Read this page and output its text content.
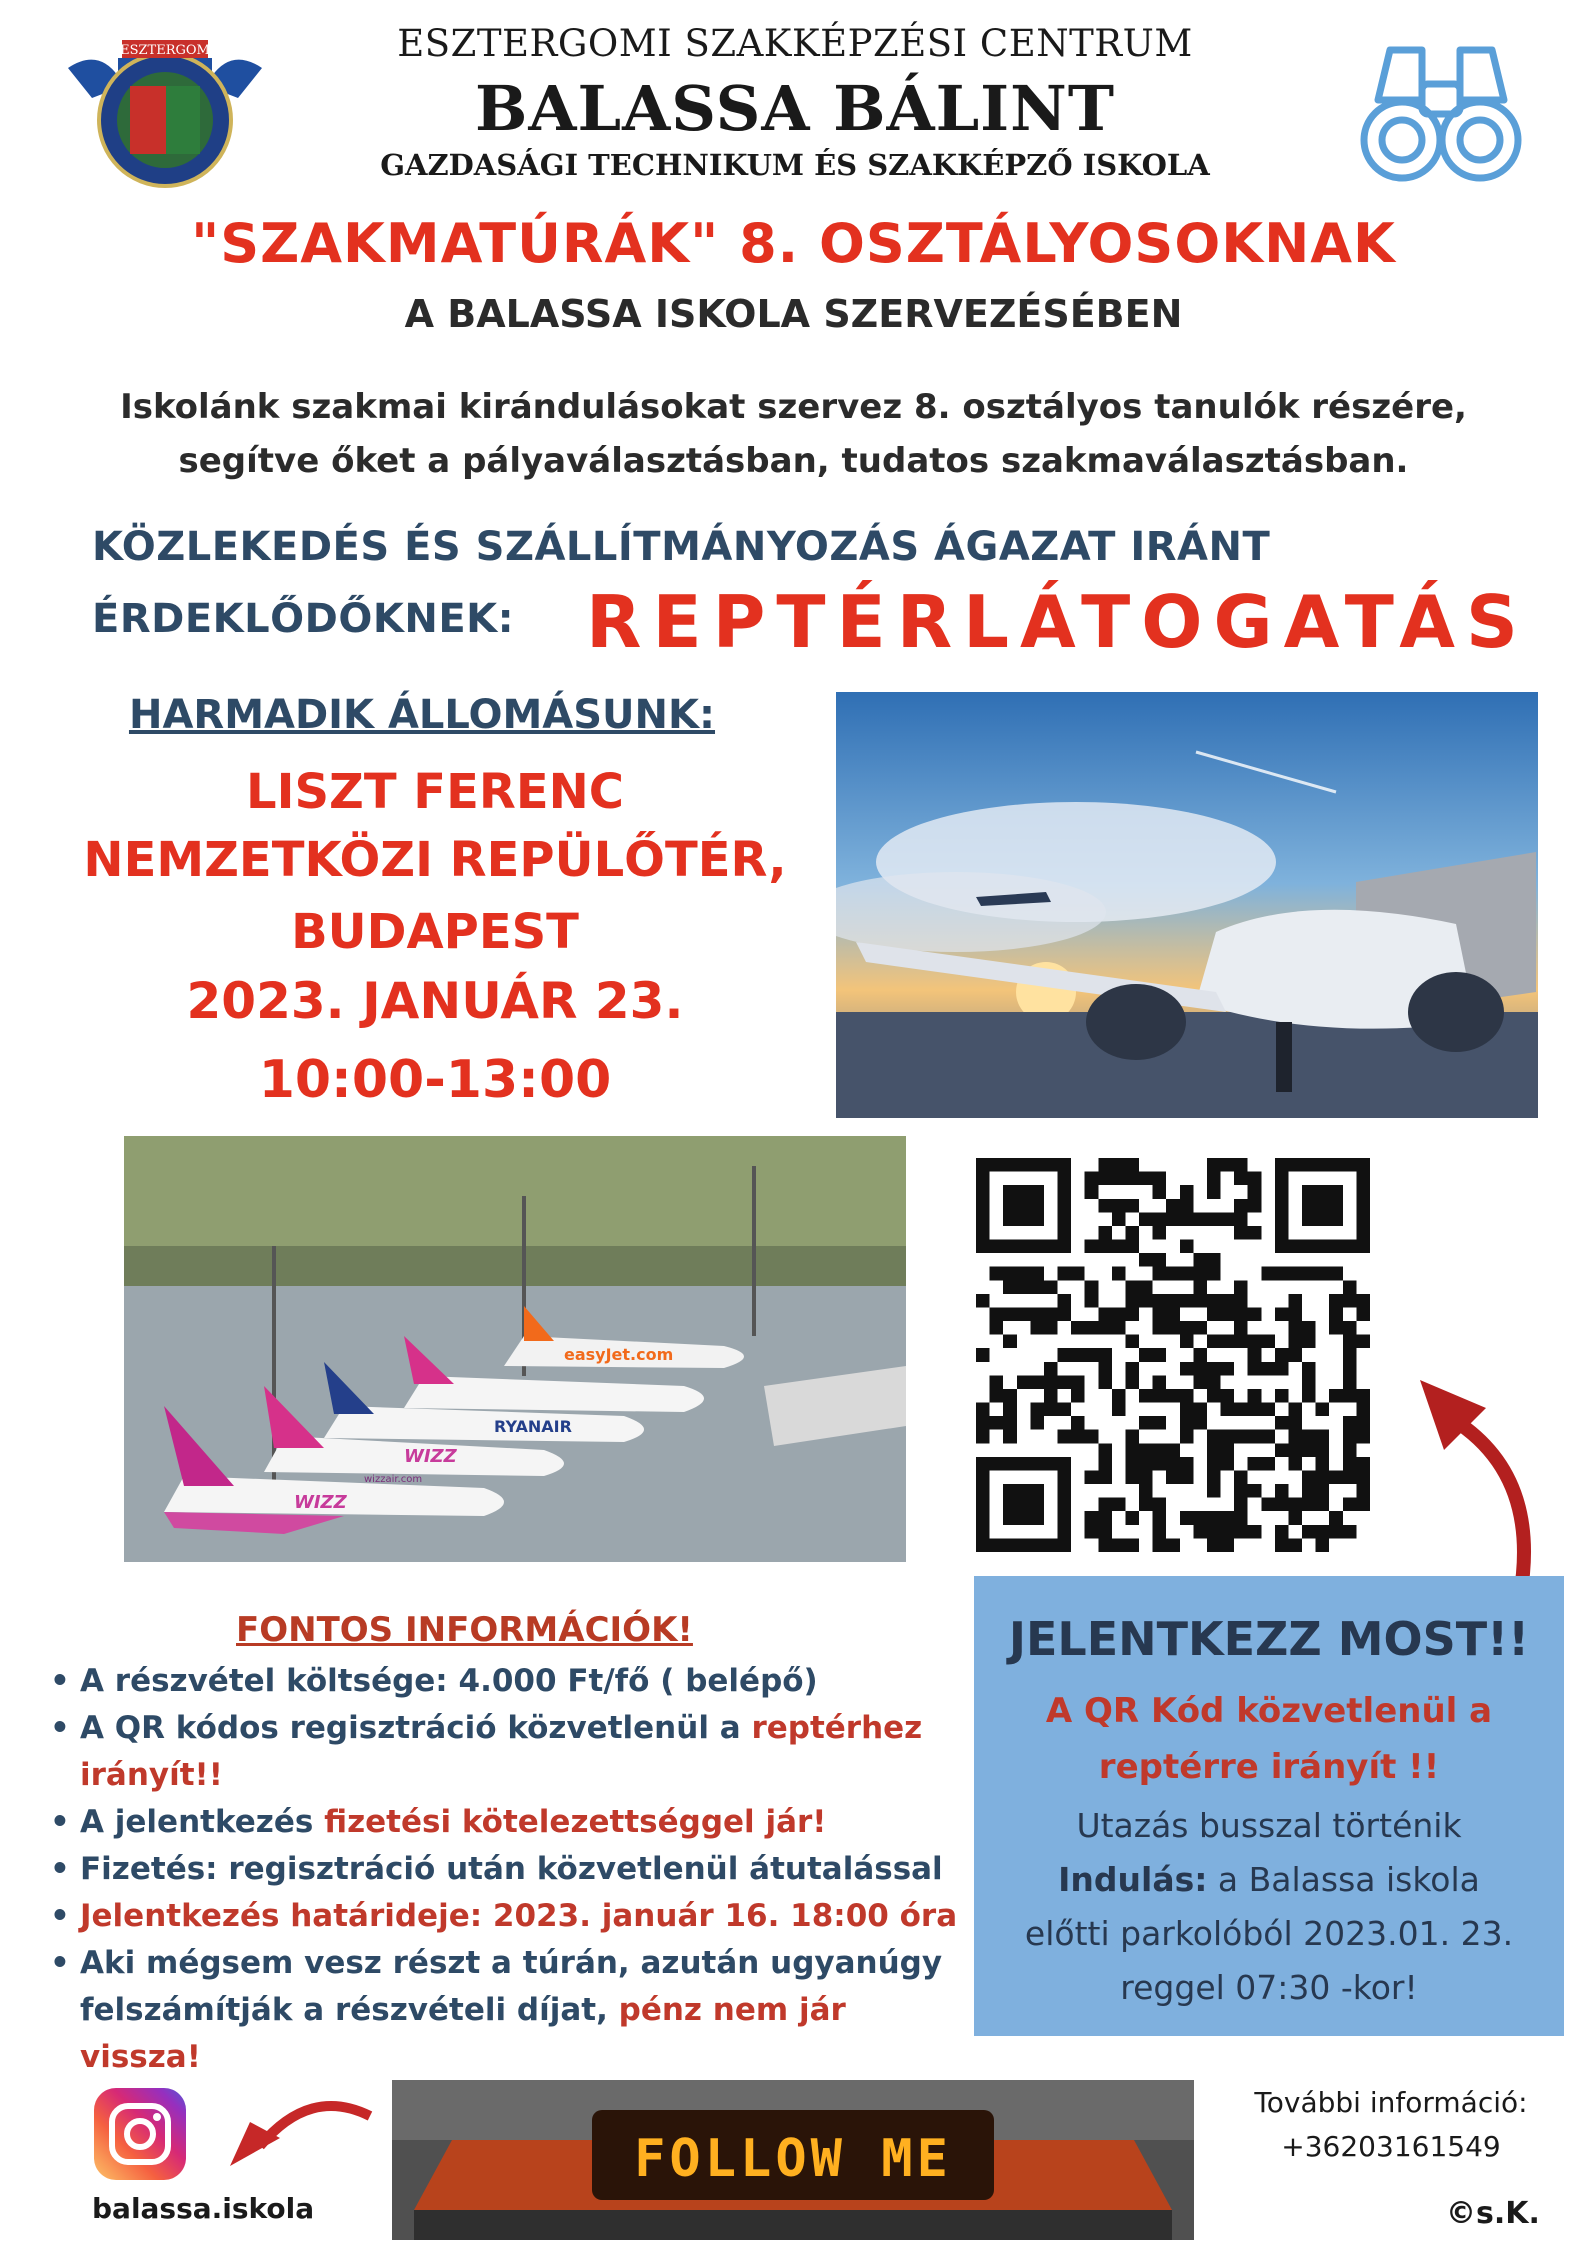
ESZTERGOM	ESZTERGOMI SZAKKÉPZÉSI CENTRUM
BALASSA BÁLINT
GAZDASÁGI TECHNIKUM ÉS SZAKKÉPZŐ ISKOLA
"SZAKMATÚRÁK" 8. OSZTÁLYOSOKNAK
A BALASSA ISKOLA SZERVEZÉSÉBEN
Iskolánk szakmai kirándulásokat szervez 8. osztályos tanulók részére,
segítve őket a pályaválasztásban, tudatos szakmaválasztásban.
KÖZLEKEDÉS ÉS SZÁLLÍTMÁNYOZÁS ÁGAZAT IRÁNT
ÉRDEKLŐDŐKNEK: REPTÉRLÁTOGATÁS
HARMADIK ÁLLOMÁSUNK:
LISZT FERENC
NEMZETKÖZI REPÜLŐTÉR,
BUDAPEST
2023. JANUÁR 23.
10:00-13:00
easyJet.com
RYANAIR
WIZZ
WIZZ
wizzair.com
FONTOS INFORMÁCIÓK!
• A részvétel költsége: 4.000 Ft/fő ( belépő)
• A QR kódos regisztráció közvetlenül a reptérhez irányít!!
• A jelentkezés fizetési kötelezettséggel jár!
• Fizetés: regisztráció után közvetlenül átutalással
• Jelentkezés határideje: 2023. január 16. 18:00 óra
• Aki mégsem vesz részt a túrán, azután ugyanúgy felszámítják a részvételi díjat, pénz nem jár vissza!
JELENTKEZZ MOST!!
A QR Kód közvetlenül a
reptérre irányít !!
Utazás busszal történik
Indulás: a Balassa iskola
előtti parkolóból 2023.01. 23.
reggel 07:30 -kor!
balassa.iskola
FOLLOW ME
További információ:
+36203161549
©s.K.
